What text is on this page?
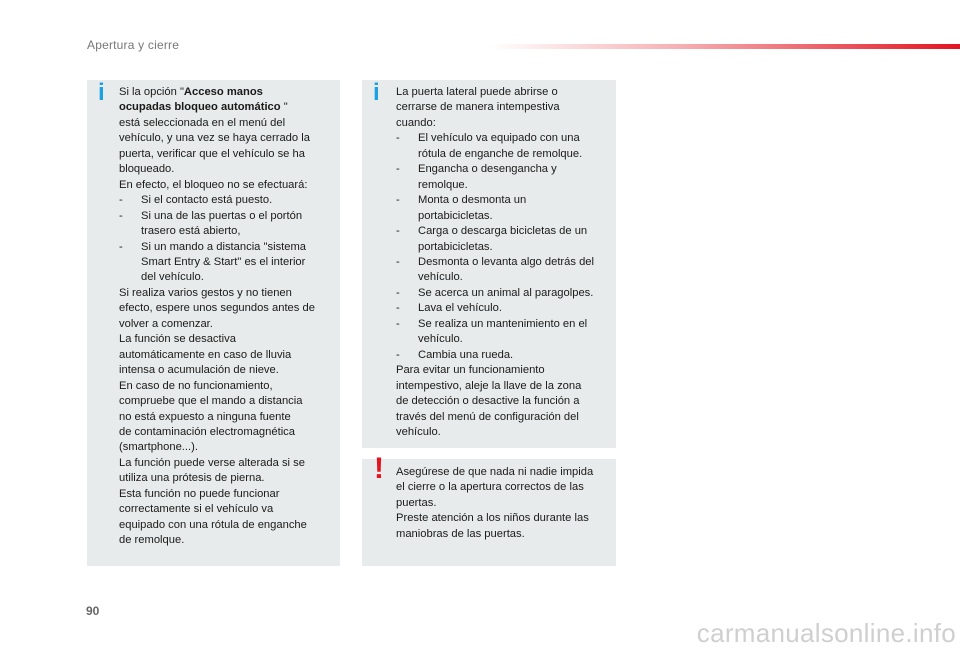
Apertura y cierre
i Si la opción "Acceso manos
ocupadas bloqueo automático "
está seleccionada en el menú del
vehículo, y una vez se haya cerrado la
puerta, verificar que el vehículo se ha
bloqueado.
En efecto, el bloqueo no se efectuará:
- Si el contacto está puesto.
- Si una de las puertas o el portón
trasero está abierto,
- Si un mando a distancia "sistema
Smart Entry & Start" es el interior
del vehículo.
Si realiza varios gestos y no tienen
efecto, espere unos segundos antes de
volver a comenzar.
La función se desactiva
automáticamente en caso de lluvia
intensa o acumulación de nieve.
En caso de no funcionamiento,
compruebe que el mando a distancia
no está expuesto a ninguna fuente
de contaminación electromagnética
(smartphone...).
La función puede verse alterada si se
utiliza una prótesis de pierna.
Esta función no puede funcionar
correctamente si el vehículo va
equipado con una rótula de enganche
de remolque.
i La puerta lateral puede abrirse o
cerrarse de manera intempestiva
cuando:
- El vehículo va equipado con una
rótula de enganche de remolque.
- Engancha o desengancha y
remolque.
- Monta o desmonta un
portabicicletas.
- Carga o descarga bicicletas de un
portabicicletas.
- Desmonta o levanta algo detrás del
vehículo.
- Se acerca un animal al paragolpes.
- Lava el vehículo.
- Se realiza un mantenimiento en el
vehículo.
- Cambia una rueda.
Para evitar un funcionamiento
intempestivo, aleje la llave de la zona
de detección o desactive la función a
través del menú de configuración del
vehículo.
! Asegúrese de que nada ni nadie impida
el cierre o la apertura correctos de las
puertas.
Preste atención a los niños durante las
maniobras de las puertas.
90
carmanualsonline.info
